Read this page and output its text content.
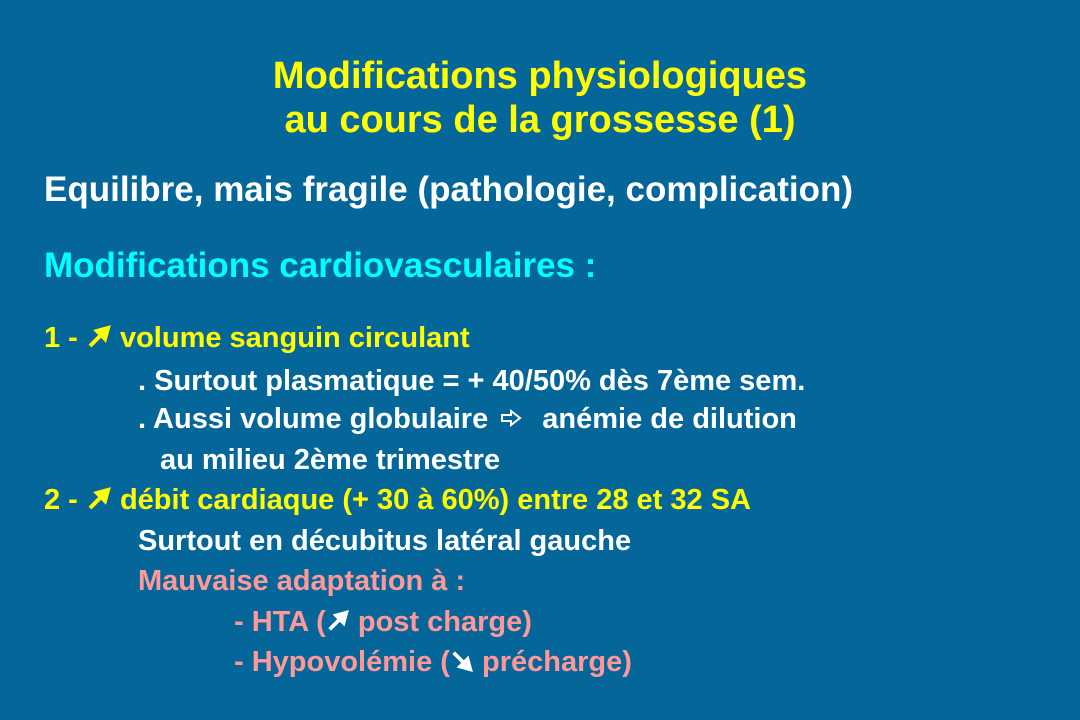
Modifications physiologiques
au cours de la grossesse (1)
Equilibre, mais fragile (pathologie, complication)
Modifications cardiovasculaires :
1 -  volume sanguin circulant
. Surtout plasmatique = + 40/50% dès 7ème sem.
. Aussi volume globulaire anémie de dilution
au milieu 2ème trimestre
2 -  débit cardiaque (+ 30 à 60%) entre 28 et 32 SA
Surtout en décubitus latéral gauche
Mauvaise adaptation à :
- HTA ( post charge)
- Hypovolémie ( précharge)
